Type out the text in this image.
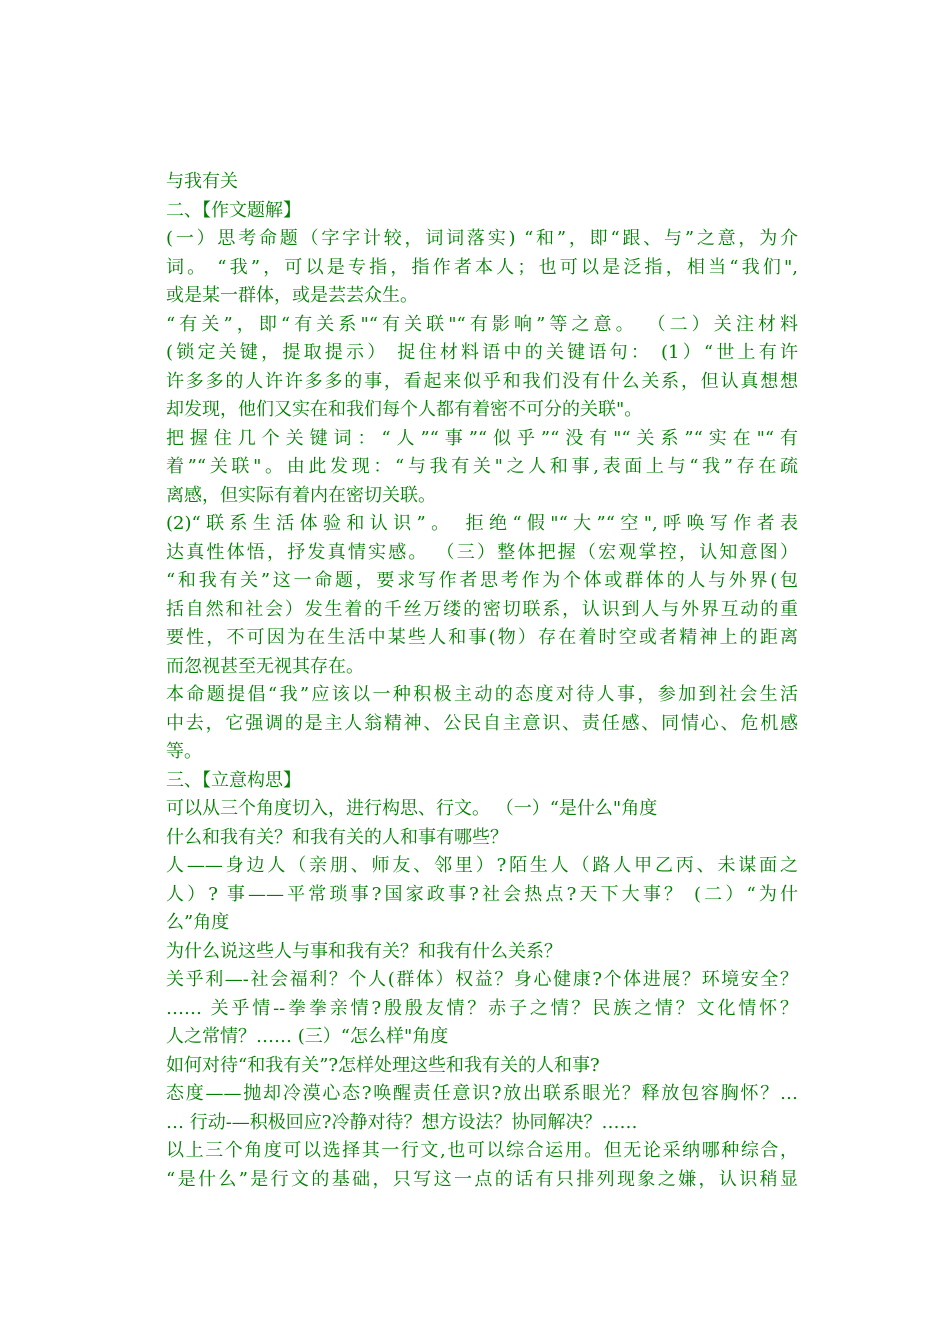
与我有关
二、【作文题解】
(一）思考命题（字字计较，词词落实) “和”，即“跟、与”之意，为介
词。 “我”，可以是专指，指作者本人；也可以是泛指，相当“我们",
或是某一群体，或是芸芸众生。
“有关”，即“有关系"“有关联"“有影响”等之意。 （二）关注材料
(锁定关键，提取提示） 捉住材料语中的关键语句： (1）“世上有许
许多多的人许许多多的事，看起来似乎和我们没有什么关系，但认真想想
却发现，他们又实在和我们每个人都有着密不可分的关联"。
把握住几个关键词：“人”“事”“似乎”“没有"“关系”“实在"“有
着”“关联"。由此发现：“与我有关"之人和事,表面上与“我”存在疏
离感，但实际有着内在密切关联。
(2)“联系生活体验和认识”。 拒绝“假"“大”“空",呼唤写作者表
达真性体悟，抒发真情实感。 （三）整体把握（宏观掌控，认知意图）
“和我有关”这一命题，要求写作者思考作为个体或群体的人与外界(包
括自然和社会）发生着的千丝万缕的密切联系，认识到人与外界互动的重
要性，不可因为在生活中某些人和事(物）存在着时空或者精神上的距离
而忽视甚至无视其存在。
本命题提倡“我”应该以一种积极主动的态度对待人事，参加到社会生活
中去，它强调的是主人翁精神、公民自主意识、责任感、同情心、危机感
等。
三、【立意构思】
可以从三个角度切入，进行构思、行文。 （一）“是什么"角度
什么和我有关？和我有关的人和事有哪些？
人——身边人（亲朋、师友、邻里）?陌生人（路人甲乙丙、未谋面之
人）? 事——平常琐事?国家政事?社会热点?天下大事？ (二）“为什
么”角度
为什么说这些人与事和我有关？和我有什么关系？
关乎利—-社会福利？个人(群体）权益？身心健康?个体进展？环境安全？
…… 关乎情--拳拳亲情?殷殷友情？赤子之情？民族之情？文化情怀？
人之常情？…… (三）“怎么样"角度
如何对待“和我有关”?怎样处理这些和我有关的人和事?
态度——抛却冷漠心态?唤醒责任意识?放出联系眼光？释放包容胸怀？…
… 行动-—积极回应?冷静对待？想方设法？协同解决？……
以上三个角度可以选择其一行文,也可以综合运用。但无论采纳哪种综合，
“是什么”是行文的基础，只写这一点的话有只排列现象之嫌，认识稍显
